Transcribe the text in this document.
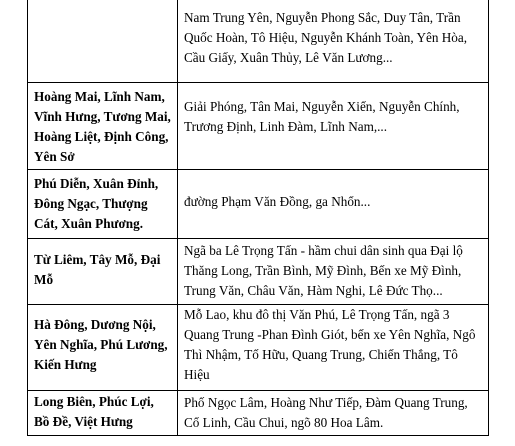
	Nam Trung Yên, Nguyễn Phong Sắc, Duy Tân, Trần Quốc Hoàn, Tô Hiệu, Nguyễn Khánh Toàn, Yên Hòa, Cầu Giấy, Xuân Thủy, Lê Văn Lương...
Hoàng Mai, Lĩnh Nam, Vĩnh Hưng, Tương Mai, Hoàng Liệt, Định Công, Yên Sở	Giải Phóng, Tân Mai, Nguyễn Xiển, Nguyễn Chính, Trương Định, Linh Đàm, Lĩnh Nam,...
Phú Diễn, Xuân Đỉnh, Đông Ngạc, Thượng Cát, Xuân Phương.	đường Phạm Văn Đồng, ga Nhổn...
Từ Liêm, Tây Mỗ, Đại Mỗ	Ngã ba Lê Trọng Tấn - hầm chui dân sinh qua Đại lộ Thăng Long, Trần Bình, Mỹ Đình, Bến xe Mỹ Đình, Trung Văn, Châu Văn, Hàm Nghi, Lê Đức Thọ...
Hà Đông, Dương Nội, Yên Nghĩa, Phú Lương, Kiến Hưng	Mỗ Lao, khu đô thị Văn Phú, Lê Trọng Tấn, ngã 3 Quang Trung -Phan Đình Giót, bến xe Yên Nghĩa, Ngô Thì Nhậm, Tố Hữu, Quang Trung, Chiến Thắng, Tô Hiệu
Long Biên, Phúc Lợi, Bồ Đề, Việt Hưng	Phố Ngọc Lâm, Hoàng Như Tiếp, Đàm Quang Trung, Cổ Linh, Cầu Chui, ngõ 80 Hoa Lâm.
